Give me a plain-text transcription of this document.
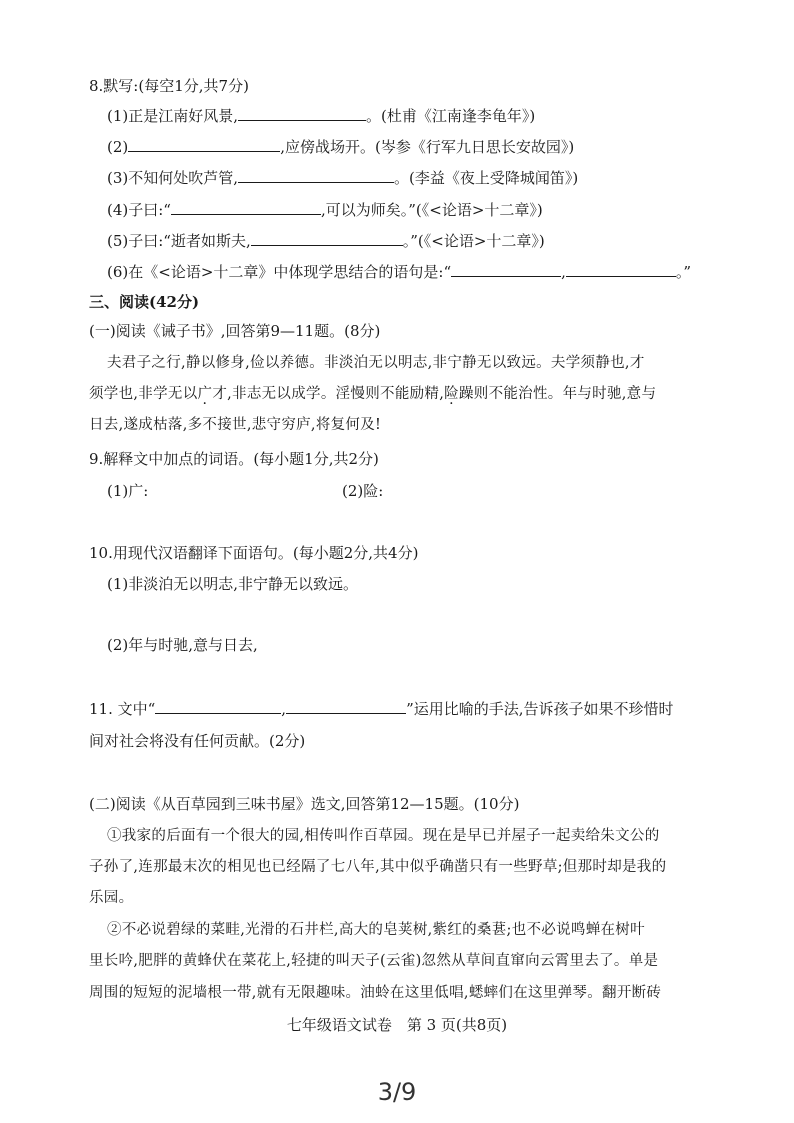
8.默写:(每空1分,共7分)
(1)正是江南好风景,	。(杜甫《江南逢李龟年》)
(2)	,应傍战场开。(岑参《行军九日思长安故园》)
(3)不知何处吹芦管,	。(李益《夜上受降城闻笛》)
(4)子曰:“	,可以为师矣。”(《<论语>十二章》)
(5)子曰:“逝者如斯夫,	。”(《<论语>十二章》)
(6)在《<论语>十二章》中体现学思结合的语句是:“	,	。”
三、阅读(42分)
(一)阅读《诫子书》,回答第9—11题。(8分)
夫君子之行,静以修身,俭以养德。非淡泊无以明志,非宁静无以致远。夫学须静也,才
须学也,非学无以广才,非志无以成学。淫慢则不能励精,险躁则不能治性。年与时驰,意与
日去,遂成枯落,多不接世,悲守穷庐,将复何及!
9.解释文中加点的词语。(每小题1分,共2分)
(1)广:	(2)险:
10.用现代汉语翻译下面语句。(每小题2分,共4分)
(1)非淡泊无以明志,非宁静无以致远。
(2)年与时驰,意与日去,
11. 文中“	,	”运用比喻的手法,告诉孩子如果不珍惜时
间对社会将没有任何贡献。(2分)
(二)阅读《从百草园到三味书屋》选文,回答第12—15题。(10分)
①我家的后面有一个很大的园,相传叫作百草园。现在是早已并屋子一起卖给朱文公的
子孙了,连那最末次的相见也已经隔了七八年,其中似乎确凿只有一些野草;但那时却是我的
乐园。
②不必说碧绿的菜畦,光滑的石井栏,高大的皂荚树,紫红的桑葚;也不必说鸣蝉在树叶
里长吟,肥胖的黄蜂伏在菜花上,轻捷的叫天子(云雀)忽然从草间直窜向云霄里去了。单是
周围的短短的泥墙根一带,就有无限趣味。油蛉在这里低唱,蟋蟀们在这里弹琴。翻开断砖
七年级语文试卷　第 3 页(共8页)
3/9
